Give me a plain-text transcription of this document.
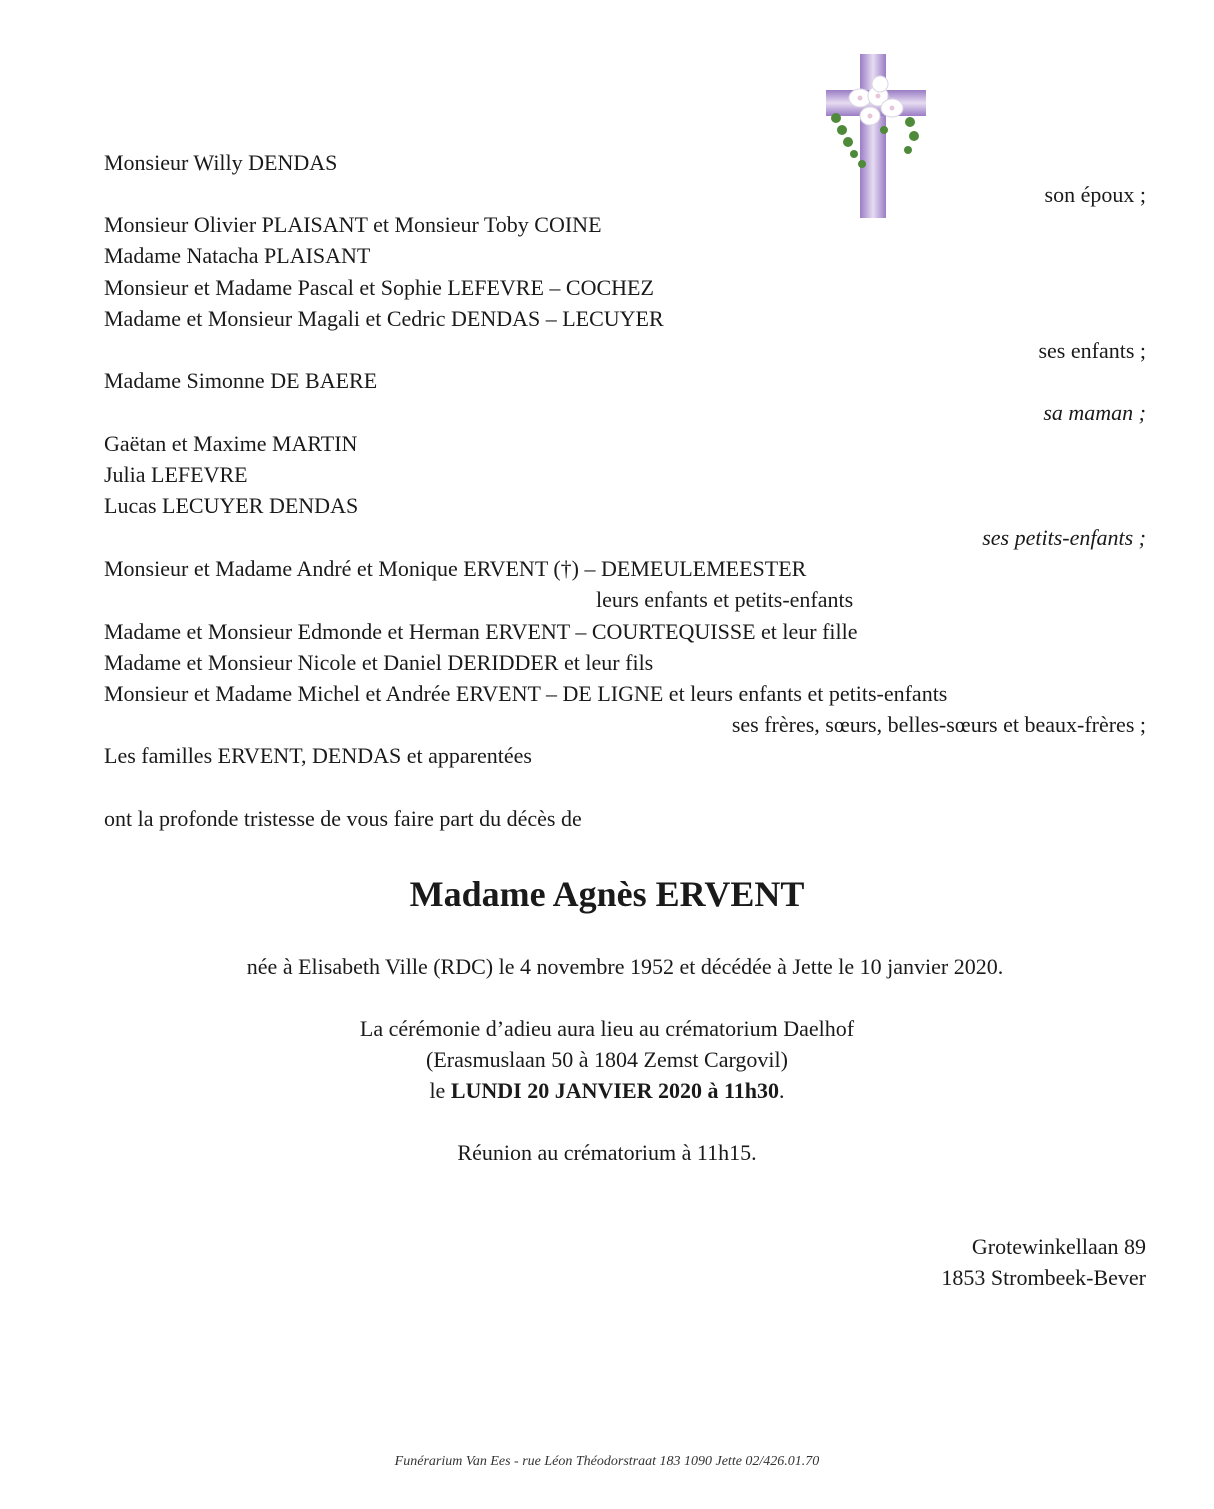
Monsieur Willy DENDAS
son époux ;
Monsieur Olivier PLAISANT et Monsieur Toby COINE
Madame Natacha PLAISANT
Monsieur et Madame Pascal et Sophie LEFEVRE – COCHEZ
Madame et Monsieur Magali et Cedric DENDAS – LECUYER
ses enfants ;
Madame Simonne DE BAERE
sa maman ;
Gaëtan et Maxime MARTIN
Julia LEFEVRE
Lucas LECUYER DENDAS
ses petits-enfants ;
Monsieur et Madame André et Monique ERVENT (†) – DEMEULEMEESTER
leurs enfants et petits-enfants
Madame et Monsieur Edmonde et Herman ERVENT – COURTEQUISSE et leur fille
Madame et Monsieur Nicole et Daniel DERIDDER et leur fils
Monsieur et Madame Michel et Andrée ERVENT – DE LIGNE et leurs enfants et petits-enfants
ses frères, sœurs, belles-sœurs et beaux-frères ;
Les familles ERVENT, DENDAS et apparentées
ont la profonde tristesse de vous faire part du décès de
Madame Agnès ERVENT
née à Elisabeth Ville (RDC) le 4 novembre 1952 et décédée à Jette le 10 janvier 2020.
La cérémonie d’adieu aura lieu au crématorium Daelhof
(Erasmuslaan 50 à 1804 Zemst Cargovil)
le LUNDI 20 JANVIER 2020 à 11h30.
Réunion au crématorium à 11h15.
Grotewinkellaan 89
1853 Strombeek-Bever
Funérarium Van Ees - rue Léon Théodorstraat 183 1090 Jette 02/426.01.70
